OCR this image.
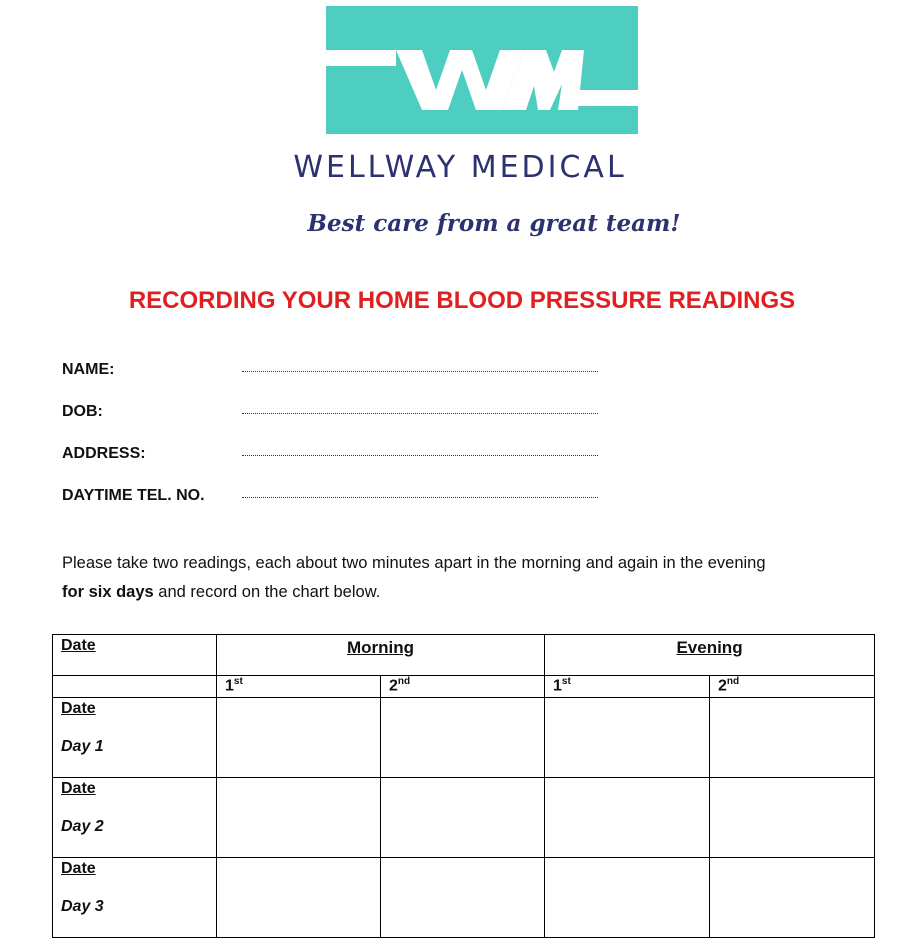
WELLWAY MEDICAL
Best care from a great team!
RECORDING YOUR HOME BLOOD PRESSURE READINGS
NAME:
DOB:
ADDRESS:
DAYTIME TEL. NO.
Please take two readings, each about two minutes apart in the morning and again in the evening
for six days and record on the chart below.
Date	Morning		Evening	
	1st	2nd	1st	2nd

Date
Day 1				

Date
Day 2				

Date
Day 3				
